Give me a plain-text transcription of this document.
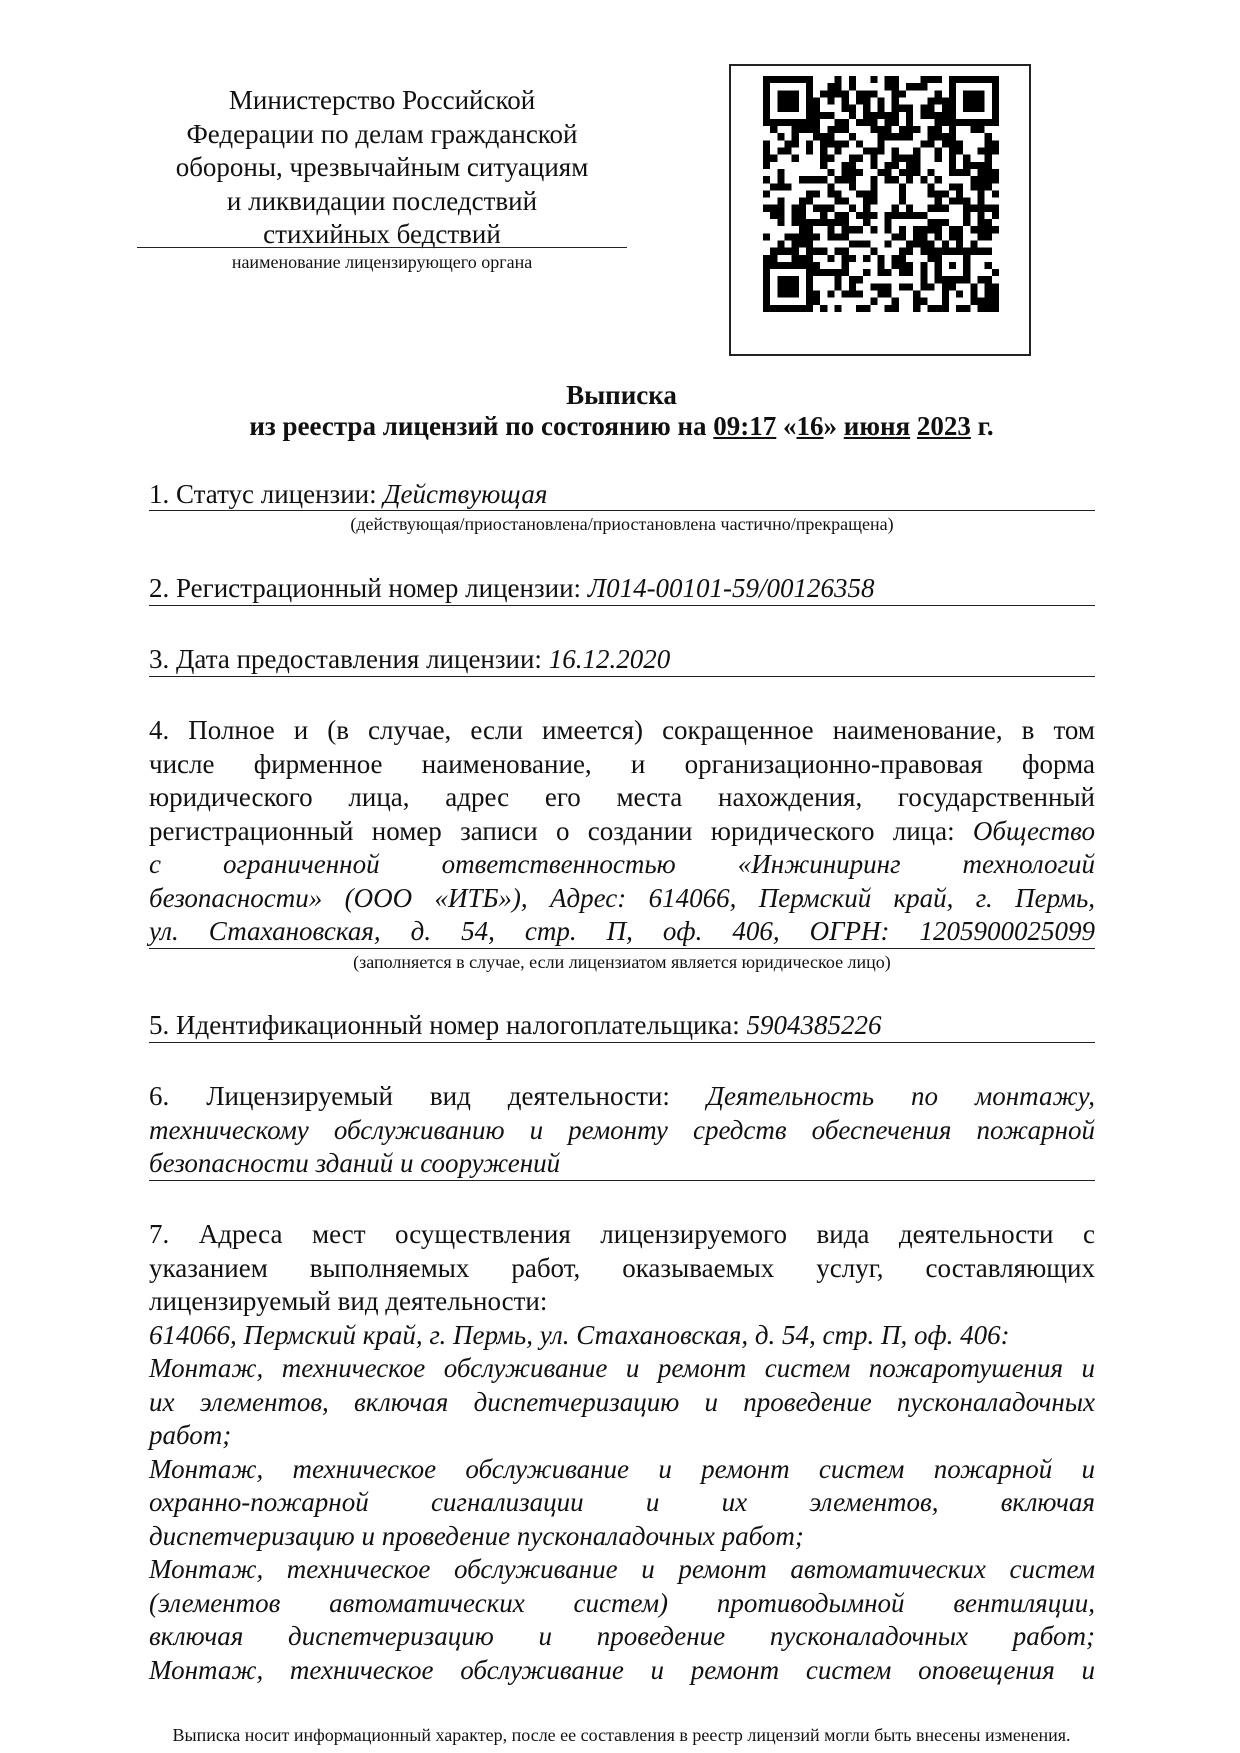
Министерство Российской
Федерации по делам гражданской
обороны, чрезвычайным ситуациям
и ликвидации последствий
стихийных бедствий
наименование лицензирующего органа
Выписка
из реестра лицензий по состоянию на 09:17 «16» июня 2023 г.
1. Статус лицензии: Действующая
(действующая/приостановлена/приостановлена частично/прекращена)
2. Регистрационный номер лицензии: Л014-00101-59/00126358
3. Дата предоставления лицензии: 16.12.2020
4. Полное и (в случае, если имеется) сокращенное наименование, в том
числе фирменное наименование, и организационно-правовая форма
юридического лица, адрес его места нахождения, государственный
регистрационный номер записи о создании юридического лица: Общество
с ограниченной ответственностью «Инжиниринг технологий
безопасности» (ООО «ИТБ»), Адрес: 614066, Пермский край, г. Пермь,
ул. Стахановская, д. 54, стр. П, оф. 406, ОГРН: 1205900025099
(заполняется в случае, если лицензиатом является юридическое лицо)
5. Идентификационный номер налогоплательщика: 5904385226
6. Лицензируемый вид деятельности: Деятельность по монтажу,
техническому обслуживанию и ремонту средств обеспечения пожарной
безопасности зданий и сооружений
7. Адреса мест осуществления лицензируемого вида деятельности с
указанием выполняемых работ, оказываемых услуг, составляющих
лицензируемый вид деятельности:
614066, Пермский край, г. Пермь, ул. Стахановская, д. 54, стр. П, оф. 406:
Монтаж, техническое обслуживание и ремонт систем пожаротушения и
их элементов, включая диспетчеризацию и проведение пусконаладочных
работ;
Монтаж, техническое обслуживание и ремонт систем пожарной и
охранно-пожарной сигнализации и их элементов, включая
диспетчеризацию и проведение пусконаладочных работ;
Монтаж, техническое обслуживание и ремонт автоматических систем
(элементов автоматических систем) противодымной вентиляции,
включая диспетчеризацию и проведение пусконаладочных работ;
Монтаж, техническое обслуживание и ремонт систем оповещения и
Выписка носит информационный характер, после ее составления в реестр лицензий могли быть внесены изменения.
